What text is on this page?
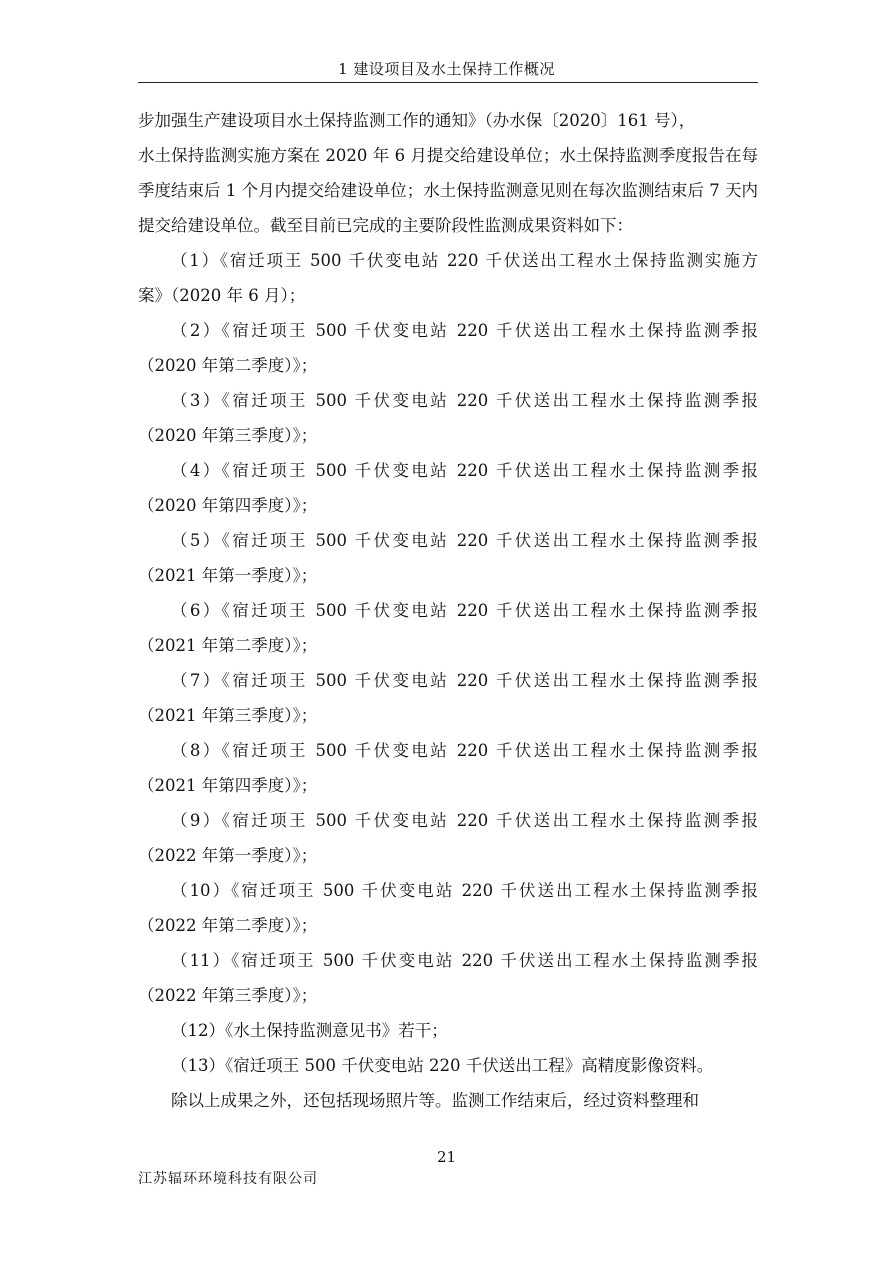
1 建设项目及水土保持工作概况

步加强生产建设项目水土保持监测工作的通知》（办水保〔2020〕161 号），

水土保持监测实施方案在 2020 年 6 月提交给建设单位；水土保持监测季度报告在每季度结束后 1 个月内提交给建设单位；水土保持监测意见则在每次监测结束后 7 天内提交给建设单位。截至目前已完成的主要阶段性监测成果资料如下：

（1）《宿迁项王 500 千伏变电站 220 千伏送出工程水土保持监测实施方
案》（2020 年 6 月）；
（2）《宿迁项王 500 千伏变电站 220 千伏送出工程水土保持监测季报
（2020 年第二季度）》；
（3）《宿迁项王 500 千伏变电站 220 千伏送出工程水土保持监测季报
（2020 年第三季度）》；
（4）《宿迁项王 500 千伏变电站 220 千伏送出工程水土保持监测季报
（2020 年第四季度）》；
（5）《宿迁项王 500 千伏变电站 220 千伏送出工程水土保持监测季报
（2021 年第一季度）》；
（6）《宿迁项王 500 千伏变电站 220 千伏送出工程水土保持监测季报
（2021 年第二季度）》；
（7）《宿迁项王 500 千伏变电站 220 千伏送出工程水土保持监测季报
（2021 年第三季度）》；
（8）《宿迁项王 500 千伏变电站 220 千伏送出工程水土保持监测季报
（2021 年第四季度）》；
（9）《宿迁项王 500 千伏变电站 220 千伏送出工程水土保持监测季报
（2022 年第一季度）》；
（10）《宿迁项王 500 千伏变电站 220 千伏送出工程水土保持监测季报
（2022 年第二季度）》；
（11）《宿迁项王 500 千伏变电站 220 千伏送出工程水土保持监测季报
（2022 年第三季度）》；
（12）《水土保持监测意见书》若干；
（13）《宿迁项王 500 千伏变电站 220 千伏送出工程》高精度影像资料。

除以上成果之外，还包括现场照片等。监测工作结束后，经过资料整理和

21
江苏辐环环境科技有限公司
